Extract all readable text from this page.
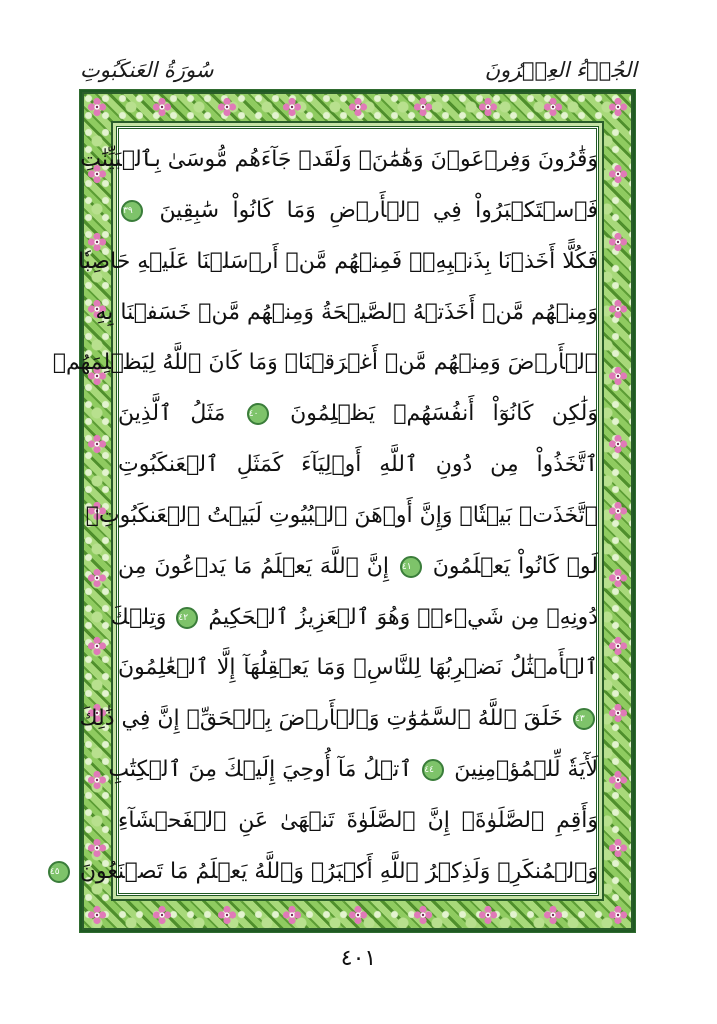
سُورَةُ العَنكَبُوتِ	الجُزۡءُ العِشۡرُونَ
وَقَٰرُونَ وَفِرۡعَوۡنَ وَهَٰمَٰنَۖ وَلَقَدۡ جَآءَهُم مُّوسَىٰ بِٱلۡبَيِّنَٰتِ
فَٱسۡتَكۡبَرُواْ فِي ٱلۡأَرۡضِ وَمَا كَانُواْ سَٰبِقِينَ
٣٩
فَكُلًّا أَخَذۡنَا بِذَنۢبِهِۦۖ فَمِنۡهُم مَّنۡ أَرۡسَلۡنَا عَلَيۡهِ حَاصِبٗا
وَمِنۡهُم مَّنۡ أَخَذَتۡهُ ٱلصَّيۡحَةُ وَمِنۡهُم مَّنۡ خَسَفۡنَا بِهِ
ٱلۡأَرۡضَ وَمِنۡهُم مَّنۡ أَغۡرَقۡنَاۚ وَمَا كَانَ ٱللَّهُ لِيَظۡلِمَهُمۡ
وَلَٰكِن كَانُوٓاْ أَنفُسَهُمۡ يَظۡلِمُونَ
٤٠
مَثَلُ ٱلَّذِينَ
ٱتَّخَذُواْ مِن دُونِ ٱللَّهِ أَوۡلِيَآءَ كَمَثَلِ ٱلۡعَنكَبُوتِ
ٱتَّخَذَتۡ بَيۡتٗاۖ وَإِنَّ أَوۡهَنَ ٱلۡبُيُوتِ لَبَيۡتُ ٱلۡعَنكَبُوتِۚ
لَوۡ كَانُواْ يَعۡلَمُونَ
٤١
إِنَّ ٱللَّهَ يَعۡلَمُ مَا يَدۡعُونَ مِن
دُونِهِۦ مِن شَيۡءٖۚ وَهُوَ ٱلۡعَزِيزُ ٱلۡحَكِيمُ
٤٢
وَتِلۡكَ
ٱلۡأَمۡثَٰلُ نَضۡرِبُهَا لِلنَّاسِۖ وَمَا يَعۡقِلُهَآ إِلَّا ٱلۡعَٰلِمُونَ
٤٣
خَلَقَ ٱللَّهُ ٱلسَّمَٰوَٰتِ وَٱلۡأَرۡضَ بِٱلۡحَقِّۚ إِنَّ فِي ذَٰلِكَ
لَأٓيَةٗ لِّلۡمُؤۡمِنِينَ
٤٤
ٱتۡلُ مَآ أُوحِيَ إِلَيۡكَ مِنَ ٱلۡكِتَٰبِ
وَأَقِمِ ٱلصَّلَوٰةَۖ إِنَّ ٱلصَّلَوٰةَ تَنۡهَىٰ عَنِ ٱلۡفَحۡشَآءِ
وَٱلۡمُنكَرِۗ وَلَذِكۡرُ ٱللَّهِ أَكۡبَرُۗ وَٱللَّهُ يَعۡلَمُ مَا تَصۡنَعُونَ
٤٥
٤٠١
